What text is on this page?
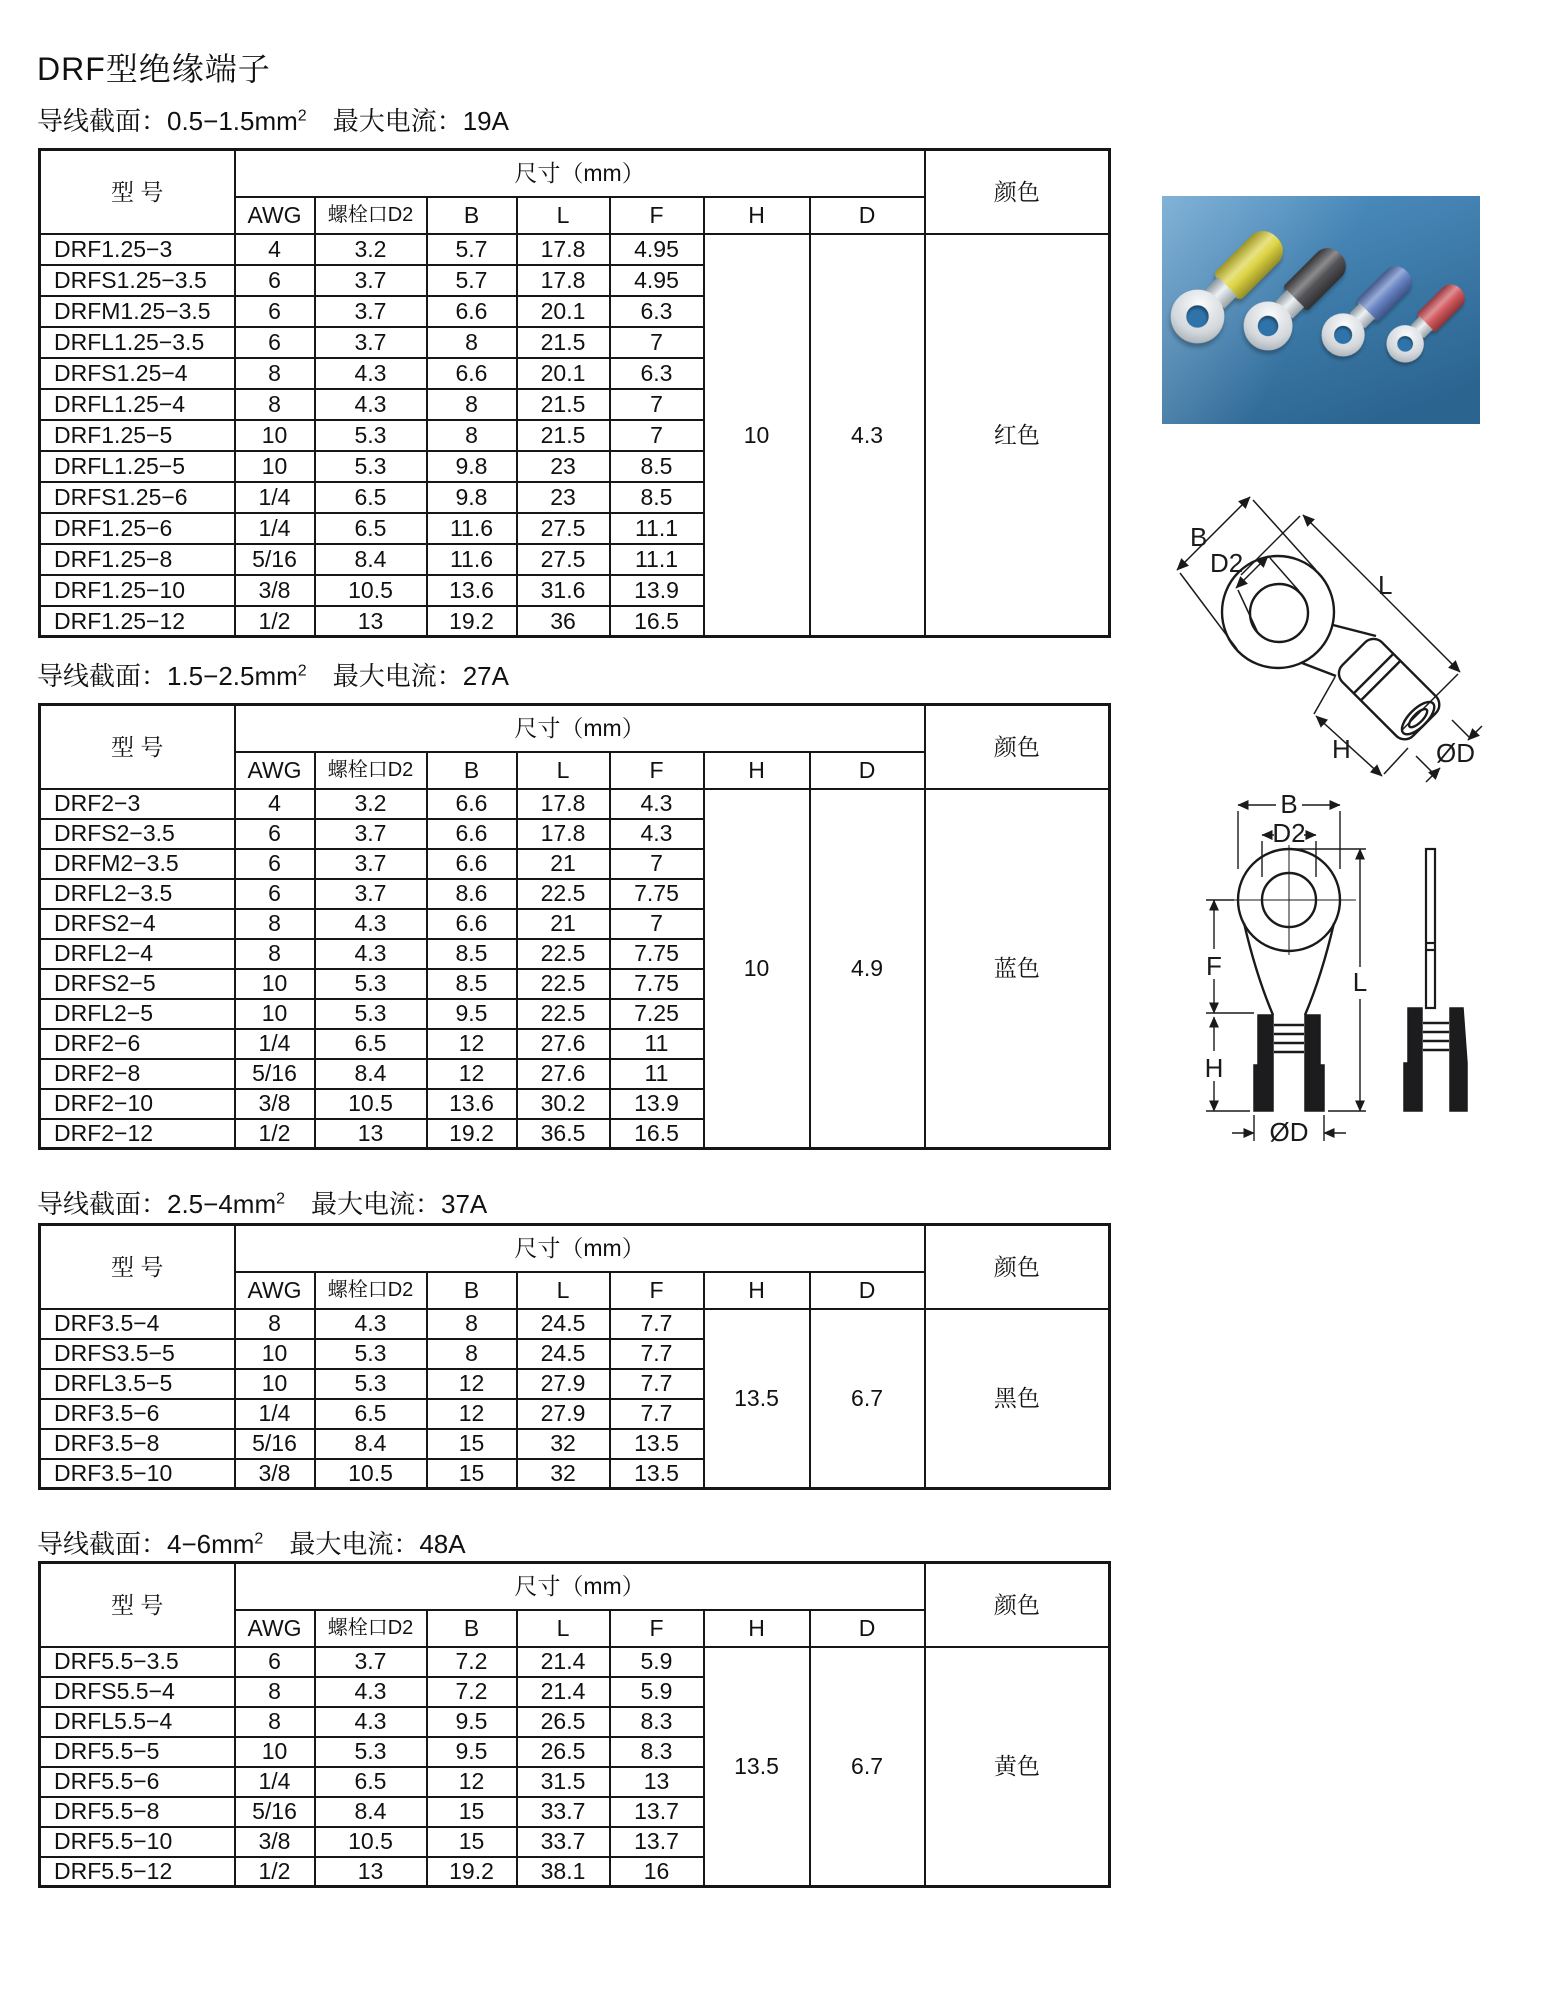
DRF型绝缘端子
导线截面：$0.5-1.5mm^2$　最大电流：19A
型 号	尺寸（mm）							颜色
	AWG	螺栓口D2	B	L	F	H	D	
DRF1.25−3	4	3.2	5.7	17.8	4.95	10	4.3	红色
DRFS1.25−3.5	6	3.7	5.7	17.8	4.95			
DRFM1.25−3.5	6	3.7	6.6	20.1	6.3			
DRFL1.25−3.5	6	3.7	8	21.5	7			
DRFS1.25−4	8	4.3	6.6	20.1	6.3			
DRFL1.25−4	8	4.3	8	21.5	7			
DRF1.25−5	10	5.3	8	21.5	7			
DRFL1.25−5	10	5.3	9.8	23	8.5			
DRFS1.25−6	1/4	6.5	9.8	23	8.5			
DRF1.25−6	1/4	6.5	11.6	27.5	11.1			
DRF1.25−8	5/16	8.4	11.6	27.5	11.1			
DRF1.25−10	3/8	10.5	13.6	31.6	13.9			
DRF1.25−12	1/2	13	19.2	36	16.5			
导线截面：$1.5-2.5mm^2$　最大电流：27A
型 号	尺寸（mm）							颜色
	AWG	螺栓口D2	B	L	F	H	D	
DRF2−3	4	3.2	6.6	17.8	4.3	10	4.9	蓝色
DRFS2−3.5	6	3.7	6.6	17.8	4.3			
DRFM2−3.5	6	3.7	6.6	21	7			
DRFL2−3.5	6	3.7	8.6	22.5	7.75			
DRFS2−4	8	4.3	6.6	21	7			
DRFL2−4	8	4.3	8.5	22.5	7.75			
DRFS2−5	10	5.3	8.5	22.5	7.75			
DRFL2−5	10	5.3	9.5	22.5	7.25			
DRF2−6	1/4	6.5	12	27.6	11			
DRF2−8	5/16	8.4	12	27.6	11			
DRF2−10	3/8	10.5	13.6	30.2	13.9			
DRF2−12	1/2	13	19.2	36.5	16.5			
导线截面：$2.5-4mm^2$　最大电流：37A
型 号	尺寸（mm）							颜色
	AWG	螺栓口D2	B	L	F	H	D	
DRF3.5−4	8	4.3	8	24.5	7.7	13.5	6.7	黑色
DRFS3.5−5	10	5.3	8	24.5	7.7			
DRFL3.5−5	10	5.3	12	27.9	7.7			
DRF3.5−6	1/4	6.5	12	27.9	7.7			
DRF3.5−8	5/16	8.4	15	32	13.5			
DRF3.5−10	3/8	10.5	15	32	13.5			
导线截面：$4-6mm^2$　最大电流：48A
型 号	尺寸（mm）							颜色
	AWG	螺栓口D2	B	L	F	H	D	
DRF5.5−3.5	6	3.7	7.2	21.4	5.9	13.5	6.7	黄色
DRFS5.5−4	8	4.3	7.2	21.4	5.9			
DRFL5.5−4	8	4.3	9.5	26.5	8.3			
DRF5.5−5	10	5.3	9.5	26.5	8.3			
DRF5.5−6	1/4	6.5	12	31.5	13			
DRF5.5−8	5/16	8.4	15	33.7	13.7			
DRF5.5−10	3/8	10.5	15	33.7	13.7			
DRF5.5−12	1/2	13	19.2	38.1	16			
B
D2
L
H	ØD
B
D2
F
H
L
ØD
